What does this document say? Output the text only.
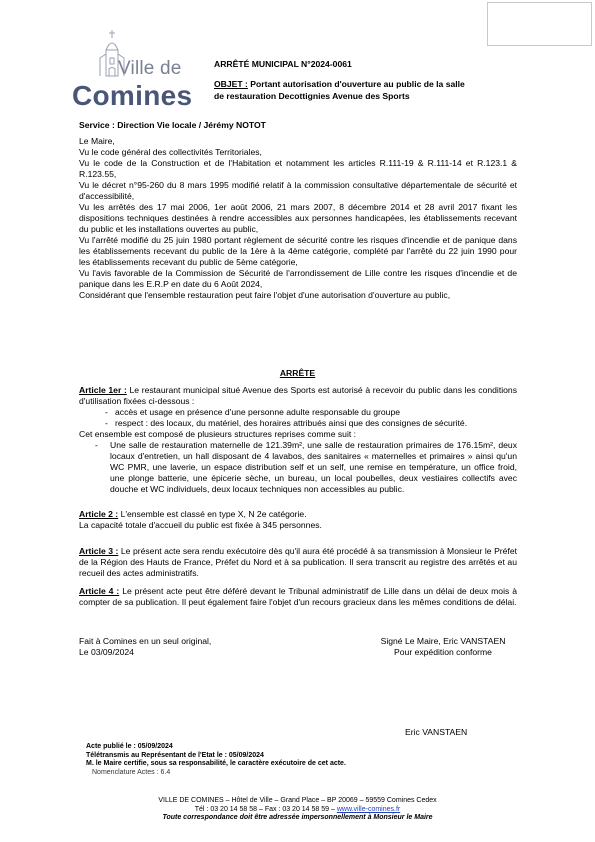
Ville de
Comines
ARRÊTÉ MUNICIPAL N°2024-0061
OBJET : Portant autorisation d'ouverture au public de la salle
de restauration Decottignies Avenue des Sports
Service : Direction Vie locale / Jérémy NOTOT

Le Maire,

Vu le code général des collectivités Territoriales,

Vu le code de la Construction et de l'Habitation et notamment les articles R.111-19 & R.111-14 et R.123.1 & R.123.55,

Vu le décret n°95-260 du 8 mars 1995 modifié relatif à la commission consultative départementale de sécurité et d'accessibilité,

Vu les arrêtés des 17 mai 2006, 1er août 2006, 21 mars 2007, 8 décembre 2014 et 28 avril 2017 fixant les dispositions techniques destinées à rendre accessibles aux personnes handicapées, les établissements recevant du public et les installations ouvertes au public,

Vu l'arrêté modifié du 25 juin 1980 portant règlement de sécurité contre les risques d'incendie et de panique dans les établissements recevant du public de la 1ère à la 4ème catégorie, complété par l'arrêté du 22 juin 1990 pour les établissements recevant du public de 5ème catégorie,

Vu l'avis favorable de la Commission de Sécurité de l'arrondissement de Lille contre les risques d'incendie et de panique dans les E.R.P en date du 6 Août 2024,

Considérant que l'ensemble restauration peut faire l'objet d'une autorisation d'ouverture au public,

ARRÊTE

Article 1er : Le restaurant municipal situé Avenue des Sports est autorisé à recevoir du public dans les conditions d'utilisation fixées ci-dessous :

-   accès et usage en présence d'une personne adulte responsable du groupe

-   respect : des locaux, du matériel, des horaires attribués ainsi que des consignes de sécurité.

Cet ensemble est composé de plusieurs structures reprises comme suit :

-	Une salle de restauration maternelle de 121.39m², une salle de restauration primaires de 176.15m², deux locaux d'entretien, un hall disposant de 4 lavabos, des sanitaires « maternelles et primaires » ainsi qu'un WC PMR, une laverie, un espace distribution self et un self, une remise en température, un office froid, une plonge batterie, une épicerie sèche, un bureau, un local poubelles, deux vestiaires collectifs avec douche et WC individuels, deux locaux techniques non accessibles au public.

Article 2 : L'ensemble est classé en type X, N 2e catégorie.

La capacité totale d'accueil du public est fixée à 345 personnes.

Article 3 : Le présent acte sera rendu exécutoire dès qu'il aura été procédé à sa transmission à Monsieur le Préfet de la Région des Hauts de France, Préfet du Nord et à sa publication. Il sera transcrit au registre des arrêtés et au recueil des actes administratifs.

Article 4 : Le présent acte peut être déféré devant le Tribunal administratif de Lille dans un délai de deux mois à compter de sa publication. Il peut également faire l'objet d'un recours gracieux dans les mêmes conditions de délai.

Fait à Comines en un seul original,

Le 03/09/2024

Signé Le Maire, Eric VANSTAEN

Pour expédition conforme

Eric VANSTAEN

Acte publié le : 05/09/2024

Télétransmis au Représentant de l'Etat le : 05/09/2024

M. le Maire certifie, sous sa responsabilité, le caractère exécutoire de cet acte.

Nomenclature Actes : 6.4

VILLE DE COMINES – Hôtel de Ville – Grand Place – BP 20069 – 59559 Comines Cedex

Tél : 03 20 14 58 58 – Fax : 03 20 14 58 59 – www.ville-comines.fr

Toute correspondance doit être adressée impersonnellement à Monsieur le Maire
